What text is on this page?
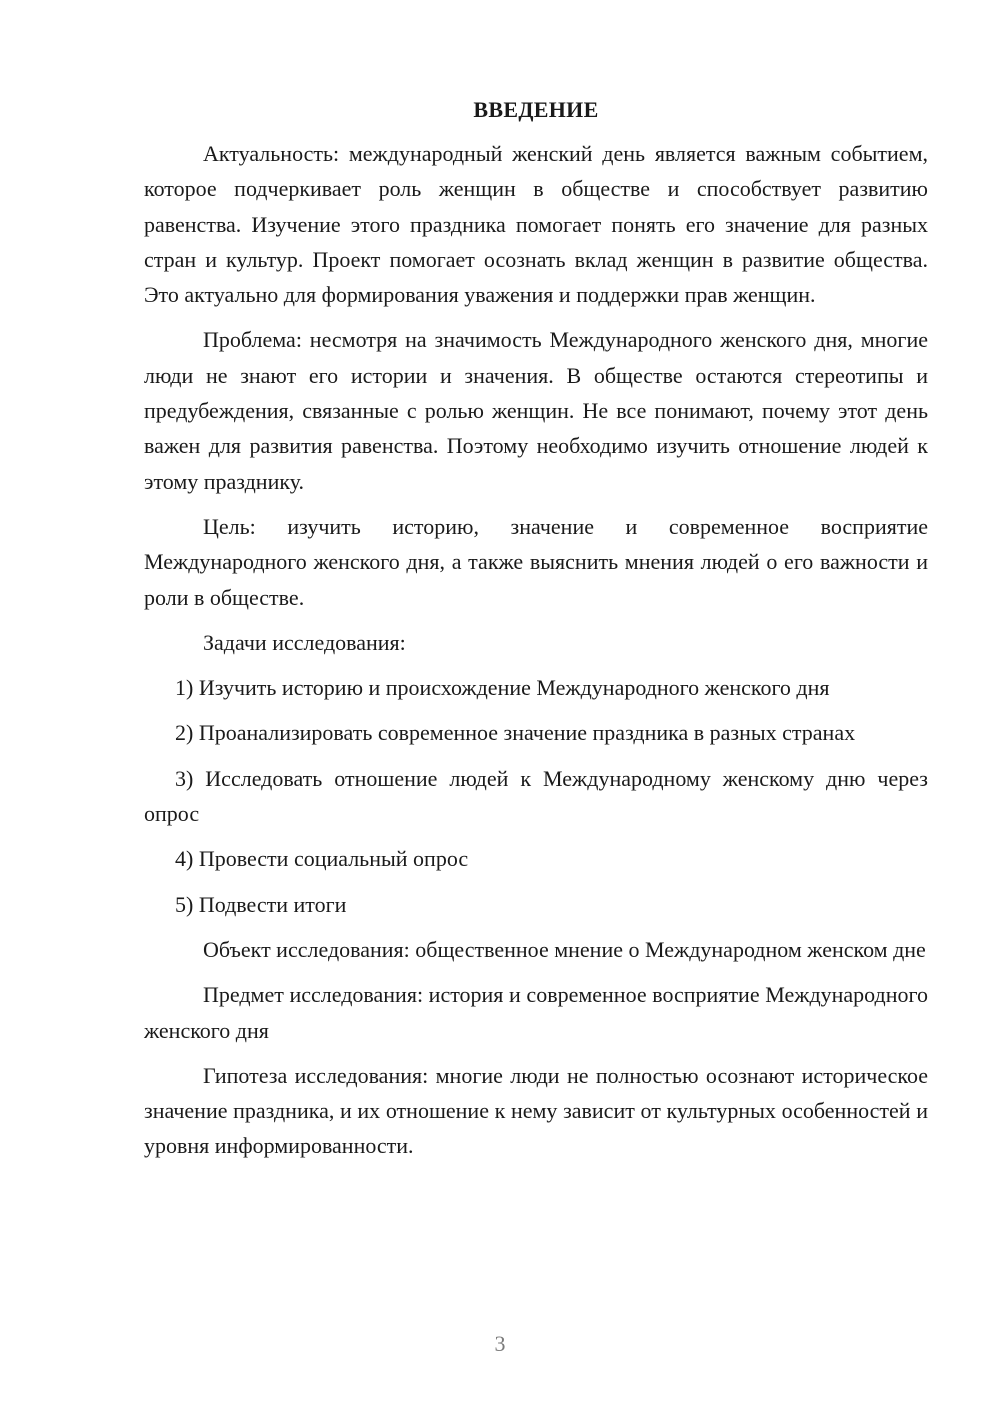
ВВЕДЕНИЕ

Актуальность: международный женский день является важным событием, которое подчеркивает роль женщин в обществе и способствует развитию равенства. Изучение этого праздника помогает понять его значение для разных стран и культур. Проект помогает осознать вклад женщин в развитие общества. Это актуально для формирования уважения и поддержки прав женщин.

Проблема: несмотря на значимость Международного женского дня, многие люди не знают его истории и значения. В обществе остаются стереотипы и предубеждения, связанные с ролью женщин. Не все понимают, почему этот день важен для развития равенства. Поэтому необходимо изучить отношение людей к этому празднику.

Цель: изучить историю, значение и современное восприятие Международного женского дня, а также выяснить мнения людей о его важности и роли в обществе.

Задачи исследования:

1) Изучить историю и происхождение Международного женского дня

2) Проанализировать современное значение праздника в разных странах

3) Исследовать отношение людей к Международному женскому дню через опрос

4) Провести социальный опрос

5) Подвести итоги

Объект исследования: общественное мнение о Международном женском дне

Предмет исследования: история и современное восприятие Международного женского дня

Гипотеза исследования: многие люди не полностью осознают историческое значение праздника, и их отношение к нему зависит от культурных особенностей и уровня информированности.

3
